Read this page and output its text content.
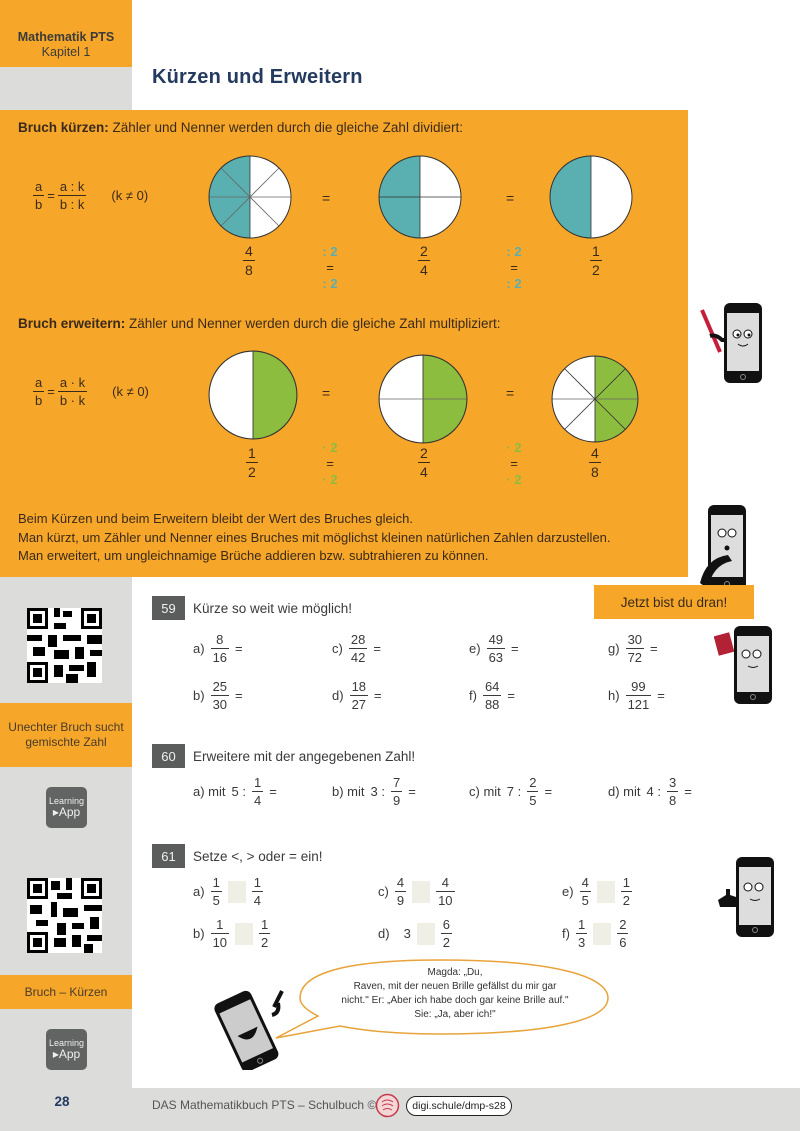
Mathematik PTS
Kapitel 1
Kürzen und Erweitern
Bruch kürzen: Zähler und Nenner werden durch die gleiche Zahl dividiert:
$\frac{a}{b} = \frac{a : k}{b : k} (k \ne 0)$	=	=
$\frac{4}{8}$	$\frac{2}{4}$	$\frac{1}{2}$
: 2
=
: 2
: 2
=
: 2
Bruch erweitern: Zähler und Nenner werden durch die gleiche Zahl multipliziert:
$\frac{a}{b} = \frac{a \cdot k}{b \cdot k} (k \ne 0)$	=	=
$\frac{1}{2}$	$\frac{2}{4}$	$\frac{4}{8}$
· 2
=
· 2
· 2
=
· 2
Beim Kürzen und beim Erweitern bleibt der Wert des Bruches gleich.
Man kürzt, um Zähler und Nenner eines Bruches mit möglichst kleinen natürlichen Zahlen darzustellen.
Man erweitert, um ungleichnamige Brüche addieren bzw. subtrahieren zu können.
Jetzt bist du dran!
59	Kürze so weit wie möglich!
$a) \frac{8}{16}$ =
$b) \frac{25}{30}$ =
$c) \frac{28}{42}$ =
$d) \frac{18}{27}$ =
$e) \frac{49}{63}$ =
$f) \frac{64}{88}$ =
$g) \frac{30}{72}$ =
$h) \frac{99}{121}$ =
60	Erweitere mit der angegebenen Zahl!
a) mit 5 : $\frac{1}{4}$ =	b) mit 3 : $\frac{7}{9}$ =	c) mit 7 : $\frac{2}{5}$ =	d) mit 4 : $\frac{3}{8}$ =
61	Setze <, > oder = ein!
$a) \frac{1}{5} \frac{1}{4}$
$b) \frac{1}{10} \frac{1}{2}$
$c) \frac{4}{9} \frac{4}{10}$
d) $3 \frac{6}{2}$
$e) \frac{4}{5} \frac{1}{2}$
$f) \frac{1}{3} \frac{2}{6}$
Unechter Bruch sucht gemischte Zahl
Learning
▸App
Bruch – Kürzen
Learning
▸App
Magda: „Du,
Raven, mit der neuen Brille gefällst du mir gar
nicht." Er: „Aber ich habe doch gar keine Brille auf."
Sie: „Ja, aber ich!"
28	DAS Mathematikbuch PTS – Schulbuch ©	digi.schule/dmp-s28
